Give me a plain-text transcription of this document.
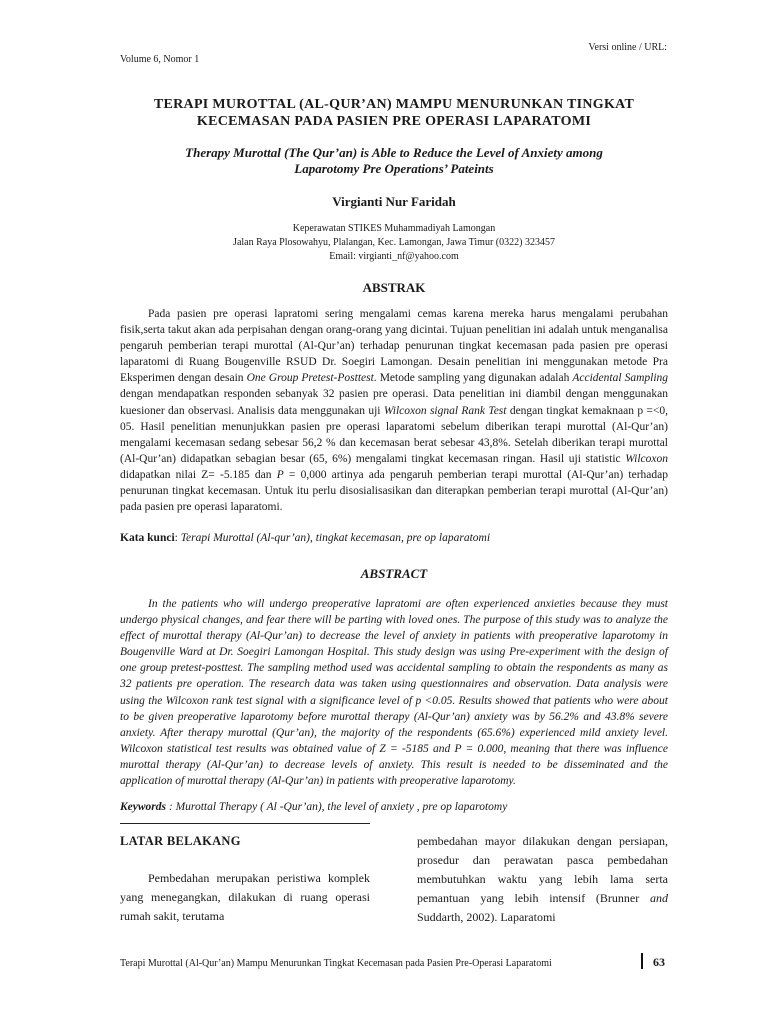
Versi online / URL:
Volume 6, Nomor 1
TERAPI MUROTTAL (AL-QUR’AN) MAMPU MENURUNKAN TINGKAT
KECEMASAN PADA PASIEN PRE OPERASI LAPARATOMI
Therapy Murottal (The Qur’an) is Able to Reduce the Level of Anxiety among
Laparotomy Pre Operations’ Pateints
Virgianti Nur Faridah
Keperawatan STIKES Muhammadiyah Lamongan
Jalan Raya Plosowahyu, Plalangan, Kec. Lamongan, Jawa Timur (0322) 323457
Email: virgianti_nf@yahoo.com
ABSTRAK

Pada pasien pre operasi lapratomi sering mengalami cemas karena mereka harus mengalami perubahan fisik,serta takut akan ada perpisahan dengan orang-orang yang dicintai. Tujuan penelitian ini adalah untuk menganalisa pengaruh pemberian terapi murottal (Al-Qur’an) terhadap penurunan tingkat kecemasan pada pasien pre operasi laparatomi di Ruang Bougenville RSUD Dr. Soegiri Lamongan. Desain penelitian ini menggunakan metode Pra Eksperimen dengan desain One Group Pretest-Posttest. Metode sampling yang digunakan adalah Accidental Sampling dengan mendapatkan responden sebanyak 32 pasien pre operasi. Data penelitian ini diambil dengan menggunakan kuesioner dan observasi. Analisis data menggunakan uji Wilcoxon signal Rank Test dengan tingkat kemaknaan p =<0, 05. Hasil penelitian menunjukkan pasien pre operasi laparatomi sebelum diberikan terapi murottal (Al-Qur’an) mengalami kecemasan sedang sebesar 56,2 % dan kecemasan berat sebesar 43,8%. Setelah diberikan terapi murottal (Al-Qur’an) didapatkan sebagian besar (65, 6%) mengalami tingkat kecemasan ringan. Hasil uji statistic Wilcoxon didapatkan nilai Z= -5.185 dan P = 0,000 artinya ada pengaruh pemberian terapi murottal (Al-Qur’an) terhadap penurunan tingkat kecemasan. Untuk itu perlu disosialisasikan dan diterapkan pemberian terapi murottal (Al-Qur’an) pada pasien pre operasi laparatomi.

Kata kunci: Terapi Murottal (Al-qur’an), tingkat kecemasan, pre op laparatomi
ABSTRACT

In the patients who will undergo preoperative lapratomi are often experienced anxieties because they must undergo physical changes, and fear there will be parting with loved ones. The purpose of this study was to analyze the effect of murottal therapy (Al-Qur’an) to decrease the level of anxiety in patients with preoperative laparotomy in Bougenville Ward at Dr. Soegiri Lamongan Hospital. This study design was using Pre-experiment with the design of one group pretest-posttest. The sampling method used was accidental sampling to obtain the respondents as many as 32 patients pre operation. The research data was taken using questionnaires and observation. Data analysis were using the Wilcoxon rank test signal with a significance level of p <0.05. Results showed that patients who were about to be given preoperative laparotomy before murottal therapy (Al-Qur’an) anxiety was by 56.2% and 43.8% severe anxiety. After therapy murottal (Qur’an), the majority of the respondents (65.6%) experienced mild anxiety level. Wilcoxon statistical test results was obtained value of Z = -5185 and P = 0.000, meaning that there was influence murottal therapy (Al-Qur’an) to decrease levels of anxiety. This result is needed to be disseminated and the application of murottal therapy (Al-Qur’an) in patients with preoperative laparotomy.

Keywords : Murottal Therapy ( Al -Qur’an), the level of anxiety , pre op laparotomy
LATAR BELAKANG

Pembedahan merupakan peristiwa komplek yang menegangkan, dilakukan di ruang operasi rumah sakit, terutama

pembedahan mayor dilakukan dengan persiapan, prosedur dan perawatan pasca pembedahan membutuhkan waktu yang lebih lama serta pemantuan yang lebih intensif (Brunner and Suddarth, 2002). Laparatomi
Terapi Murottal (Al-Qur’an) Mampu Menurunkan Tingkat Kecemasan pada Pasien Pre-Operasi Laparatomi	63
